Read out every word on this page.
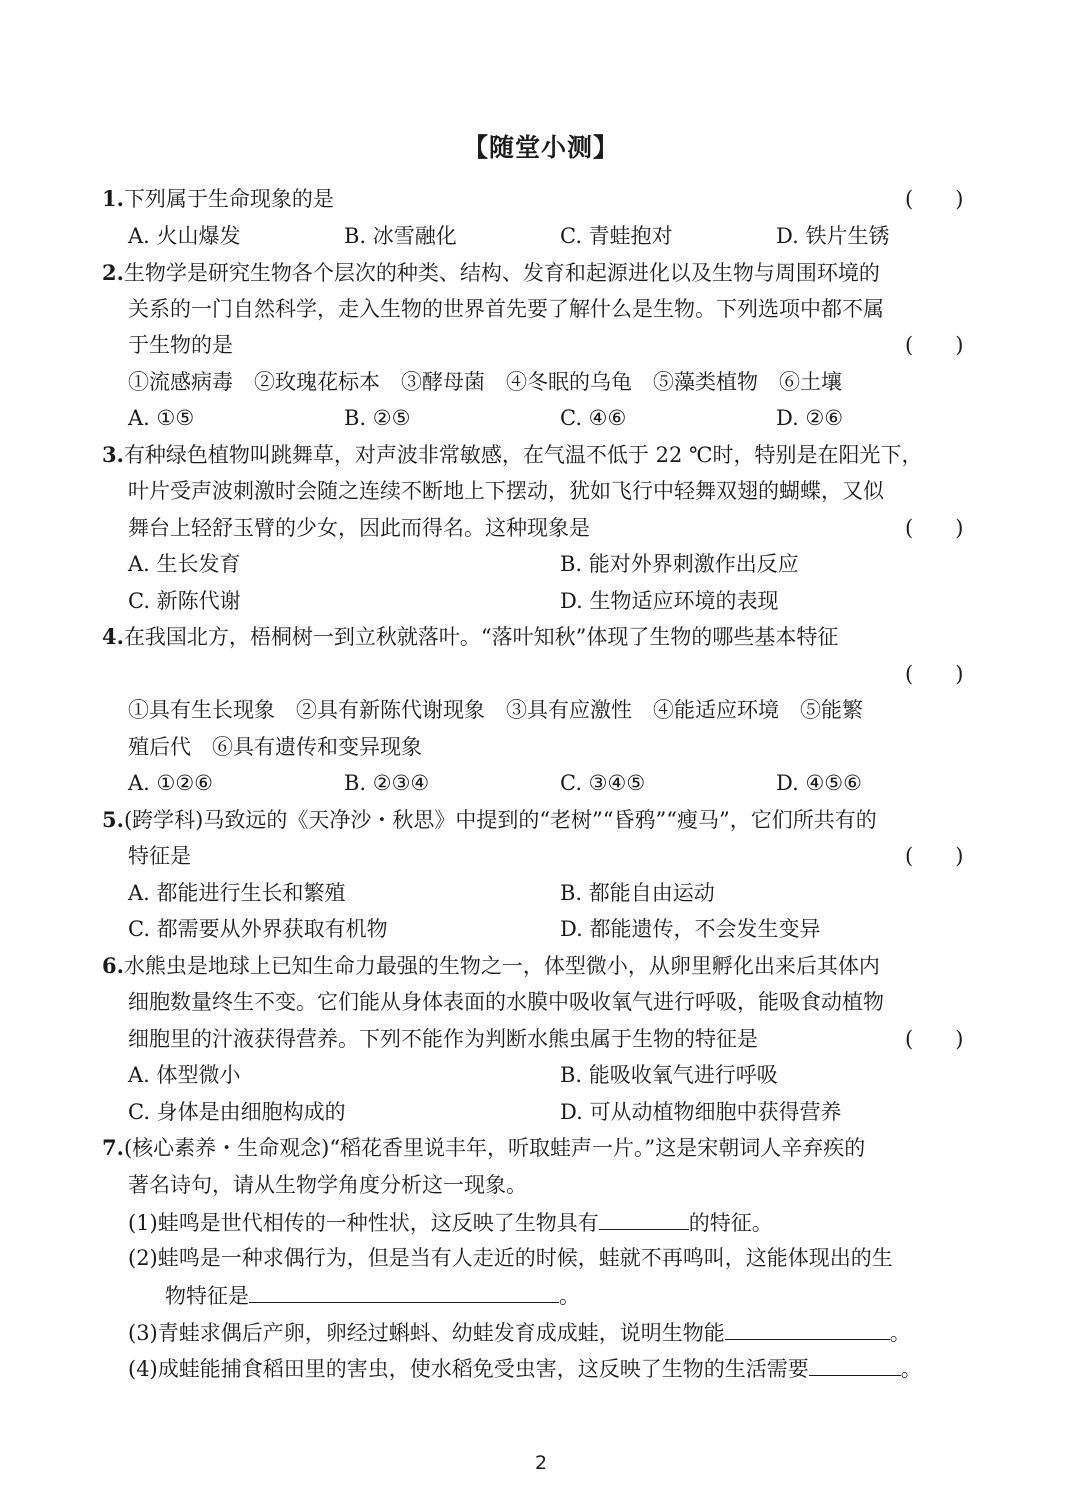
【随堂小测】
1.下列属于生命现象的是	(　　)
A. 火山爆发	B. 冰雪融化	C. 青蛙抱对	D. 铁片生锈
2.生物学是研究生物各个层次的种类、结构、发育和起源进化以及生物与周围环境的
关系的一门自然科学，走入生物的世界首先要了解什么是生物。下列选项中都不属
于生物的是	(　　)
①流感病毒　②玫瑰花标本　③酵母菌　④冬眠的乌龟　⑤藻类植物　⑥土壤
A. ①⑤	B. ②⑤	C. ④⑥	D. ②⑥
3.有种绿色植物叫跳舞草，对声波非常敏感，在气温不低于 22 ℃时，特别是在阳光下，
叶片受声波刺激时会随之连续不断地上下摆动，犹如飞行中轻舞双翅的蝴蝶，又似
舞台上轻舒玉臂的少女，因此而得名。这种现象是	(　　)
A. 生长发育	B. 能对外界刺激作出反应
C. 新陈代谢	D. 生物适应环境的表现
4.在我国北方，梧桐树一到立秋就落叶。“落叶知秋”体现了生物的哪些基本特征
(　　)
①具有生长现象　②具有新陈代谢现象　③具有应激性　④能适应环境　⑤能繁
殖后代　⑥具有遗传和变异现象
A. ①②⑥	B. ②③④	C. ③④⑤	D. ④⑤⑥
5.(跨学科)马致远的《天净沙・秋思》中提到的“老树”“昏鸦”“瘦马”，它们所共有的
特征是	(　　)
A. 都能进行生长和繁殖	B. 都能自由运动
C. 都需要从外界获取有机物	D. 都能遗传，不会发生变异
6.水熊虫是地球上已知生命力最强的生物之一，体型微小，从卵里孵化出来后其体内
细胞数量终生不变。它们能从身体表面的水膜中吸收氧气进行呼吸，能吸食动植物
细胞里的汁液获得营养。下列不能作为判断水熊虫属于生物的特征是	(　　)
A. 体型微小	B. 能吸收氧气进行呼吸
C. 身体是由细胞构成的	D. 可从动植物细胞中获得营养
7.(核心素养・生命观念)“稻花香里说丰年，听取蛙声一片。”这是宋朝词人辛弃疾的
著名诗句，请从生物学角度分析这一现象。
(1)蛙鸣是世代相传的一种性状，这反映了生物具有	的特征。
(2)蛙鸣是一种求偶行为，但是当有人走近的时候，蛙就不再鸣叫，这能体现出的生
物特征是	。
(3)青蛙求偶后产卵，卵经过蝌蚪、幼蛙发育成成蛙，说明生物能	。
(4)成蛙能捕食稻田里的害虫，使水稻免受虫害，这反映了生物的生活需要	。
2
